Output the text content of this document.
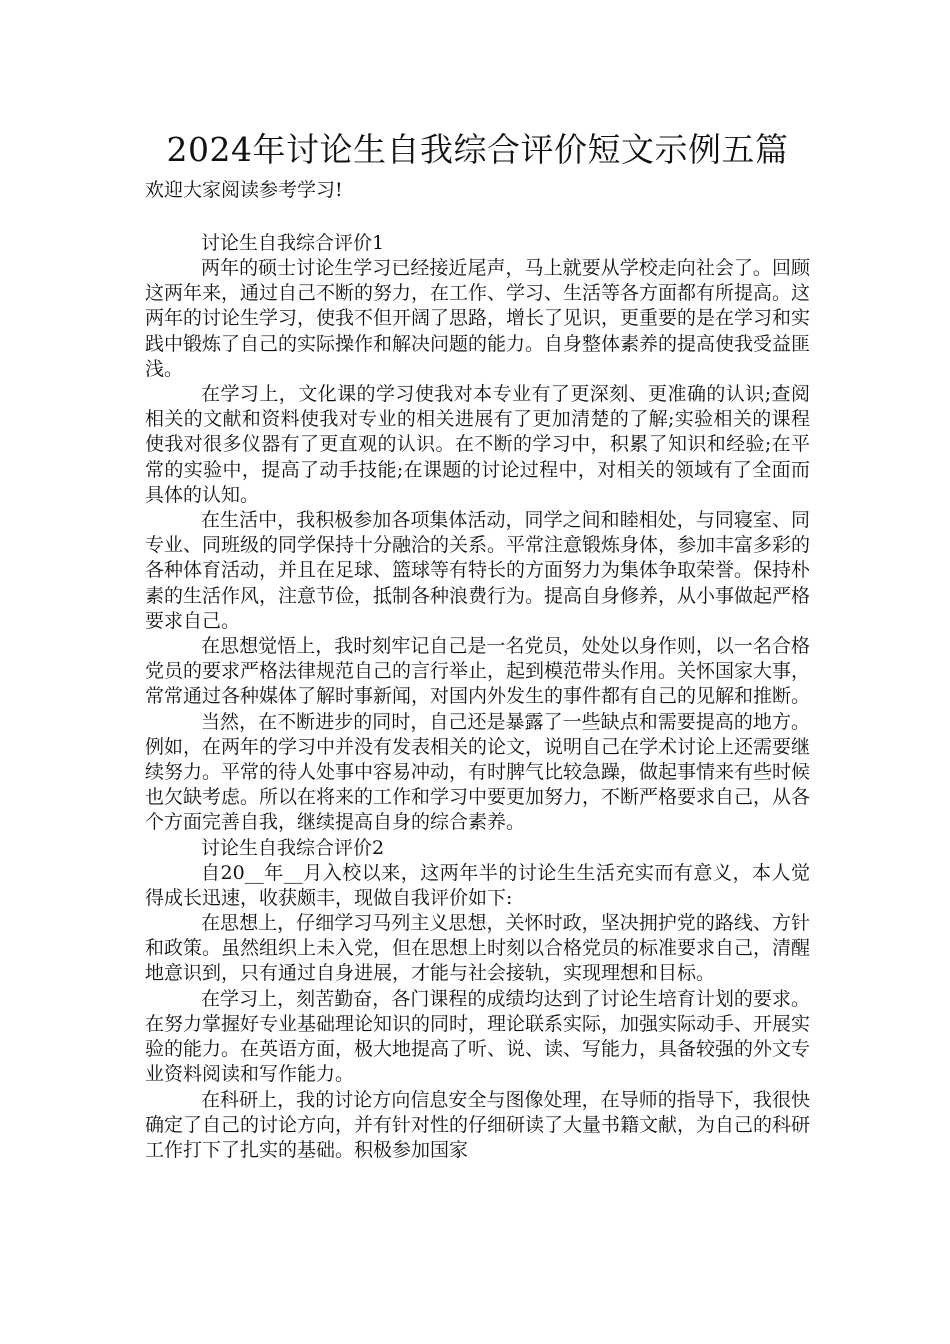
2024年讨论生自我综合评价短文示例五篇

欢迎大家阅读参考学习!

讨论生自我综合评价1

两年的硕士讨论生学习已经接近尾声，马上就要从学校走向社会了。回顾这两年来，通过自己不断的努力，在工作、学习、生活等各方面都有所提高。这两年的讨论生学习，使我不但开阔了思路，增长了见识，更重要的是在学习和实践中锻炼了自己的实际操作和解决问题的能力。自身整体素养的提高使我受益匪浅。

在学习上，文化课的学习使我对本专业有了更深刻、更准确的认识;查阅相关的文献和资料使我对专业的相关进展有了更加清楚的了解;实验相关的课程使我对很多仪器有了更直观的认识。在不断的学习中，积累了知识和经验;在平常的实验中，提高了动手技能;在课题的讨论过程中，对相关的领域有了全面而具体的认知。

在生活中，我积极参加各项集体活动，同学之间和睦相处，与同寝室、同专业、同班级的同学保持十分融洽的关系。平常注意锻炼身体，参加丰富多彩的各种体育活动，并且在足球、篮球等有特长的方面努力为集体争取荣誉。保持朴素的生活作风，注意节俭，抵制各种浪费行为。提高自身修养，从小事做起严格要求自己。

在思想觉悟上，我时刻牢记自己是一名党员，处处以身作则，以一名合格党员的要求严格法律规范自己的言行举止，起到模范带头作用。关怀国家大事，常常通过各种媒体了解时事新闻，对国内外发生的事件都有自己的见解和推断。

当然，在不断进步的同时，自己还是暴露了一些缺点和需要提高的地方。例如，在两年的学习中并没有发表相关的论文，说明自己在学术讨论上还需要继续努力。平常的待人处事中容易冲动，有时脾气比较急躁，做起事情来有些时候也欠缺考虑。所以在将来的工作和学习中要更加努力，不断严格要求自己，从各个方面完善自我，继续提高自身的综合素养。

讨论生自我综合评价2

自20__年__月入校以来，这两年半的讨论生生活充实而有意义，本人觉得成长迅速，收获颇丰，现做自我评价如下:

在思想上，仔细学习马列主义思想，关怀时政，坚决拥护党的路线、方针和政策。虽然组织上未入党，但在思想上时刻以合格党员的标准要求自己，清醒地意识到，只有通过自身进展，才能与社会接轨，实现理想和目标。

在学习上，刻苦勤奋，各门课程的成绩均达到了讨论生培育计划的要求。在努力掌握好专业基础理论知识的同时，理论联系实际，加强实际动手、开展实验的能力。在英语方面，极大地提高了听、说、读、写能力，具备较强的外文专业资料阅读和写作能力。

在科研上，我的讨论方向信息安全与图像处理，在导师的指导下，我很快确定了自己的讨论方向，并有针对性的仔细研读了大量书籍文献，为自己的科研工作打下了扎实的基础。积极参加国家
